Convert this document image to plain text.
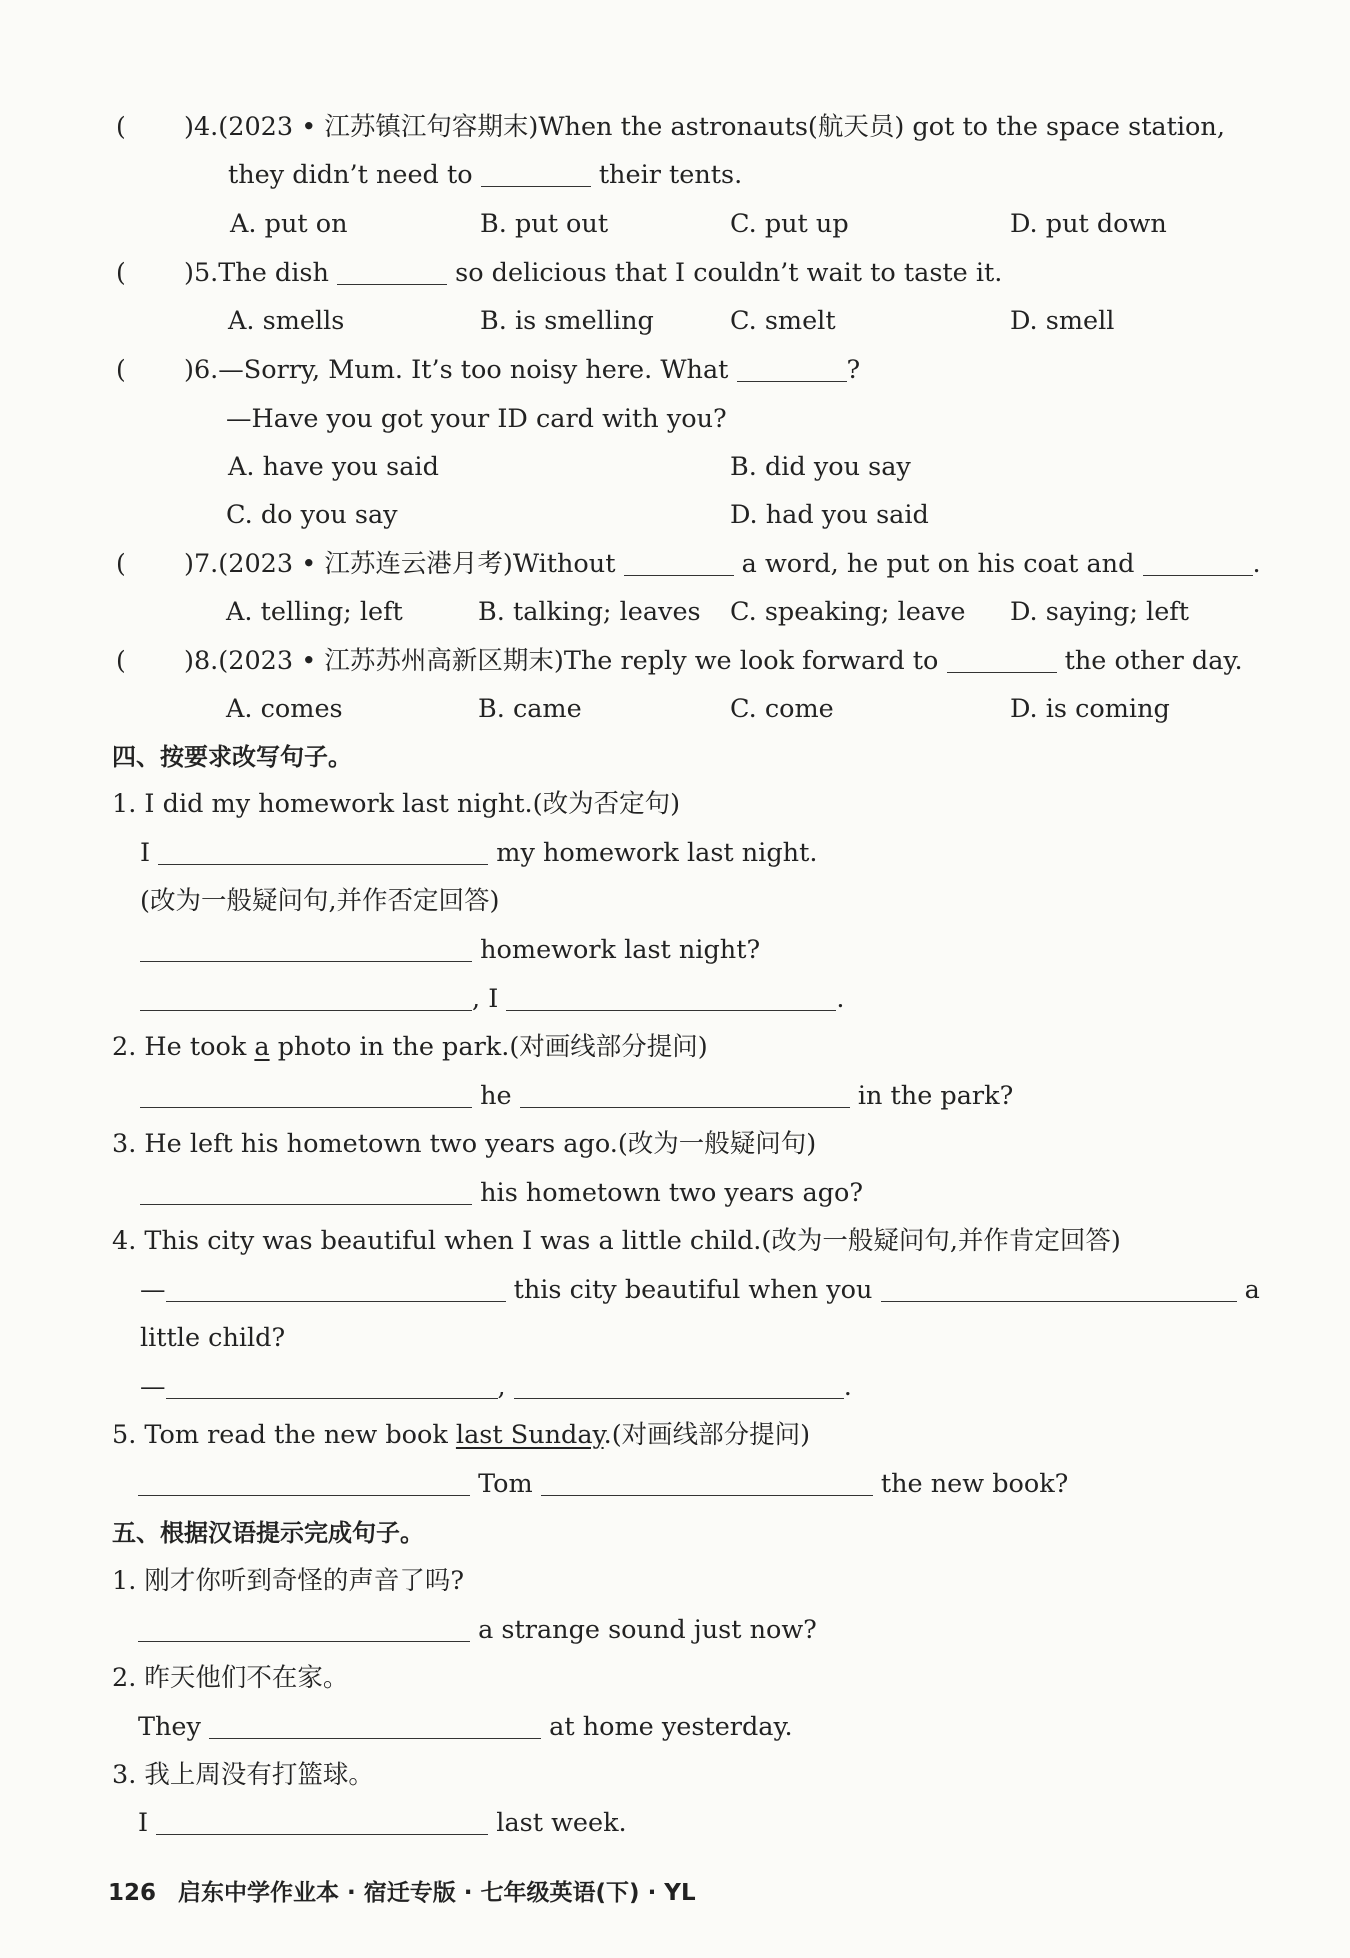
( )4.(2023 • 江苏镇江句容期末)When the astronauts(航天员) got to the space station,
they didn’t need to	their tents.
A. put on	B. put out	C. put up	D. put down
( )5.The dish	so delicious that I couldn’t wait to taste it.
A. smells	B. is smelling	C. smelt	D. smell
( )6.—Sorry, Mum. It’s too noisy here. What	?
—Have you got your ID card with you?
A. have you said	B. did you say
C. do you say	D. had you said
( )7.(2023 • 江苏连云港月考)Without	a word, he put on his coat and	.
A. telling; left	B. talking; leaves C. speaking; leave D. saying; left
( )8.(2023 • 江苏苏州高新区期末)The reply we look forward to	the other day.
A. comes	B. came	C. come	D. is coming
四、按要求改写句子。
1. I did my homework last night.(改为否定句)
I	my homework last night.
(改为一般疑问句,并作否定回答)
homework last night?
, I	.
2. He took a photo in the park.(对画线部分提问)
he	in the park?
3. He left his hometown two years ago.(改为一般疑问句)
his hometown two years ago?
4. This city was beautiful when I was a little child.(改为一般疑问句,并作肯定回答)
—	this city beautiful when you	a
little child?
—	,	.
5. Tom read the new book last Sunday.(对画线部分提问)
Tom	the new book?
五、根据汉语提示完成句子。
1. 刚才你听到奇怪的声音了吗?
a strange sound just now?
2. 昨天他们不在家。
They	at home yesterday.
3. 我上周没有打篮球。
I	last week.
126 启东中学作业本 · 宿迁专版 · 七年级英语(下) · YL
